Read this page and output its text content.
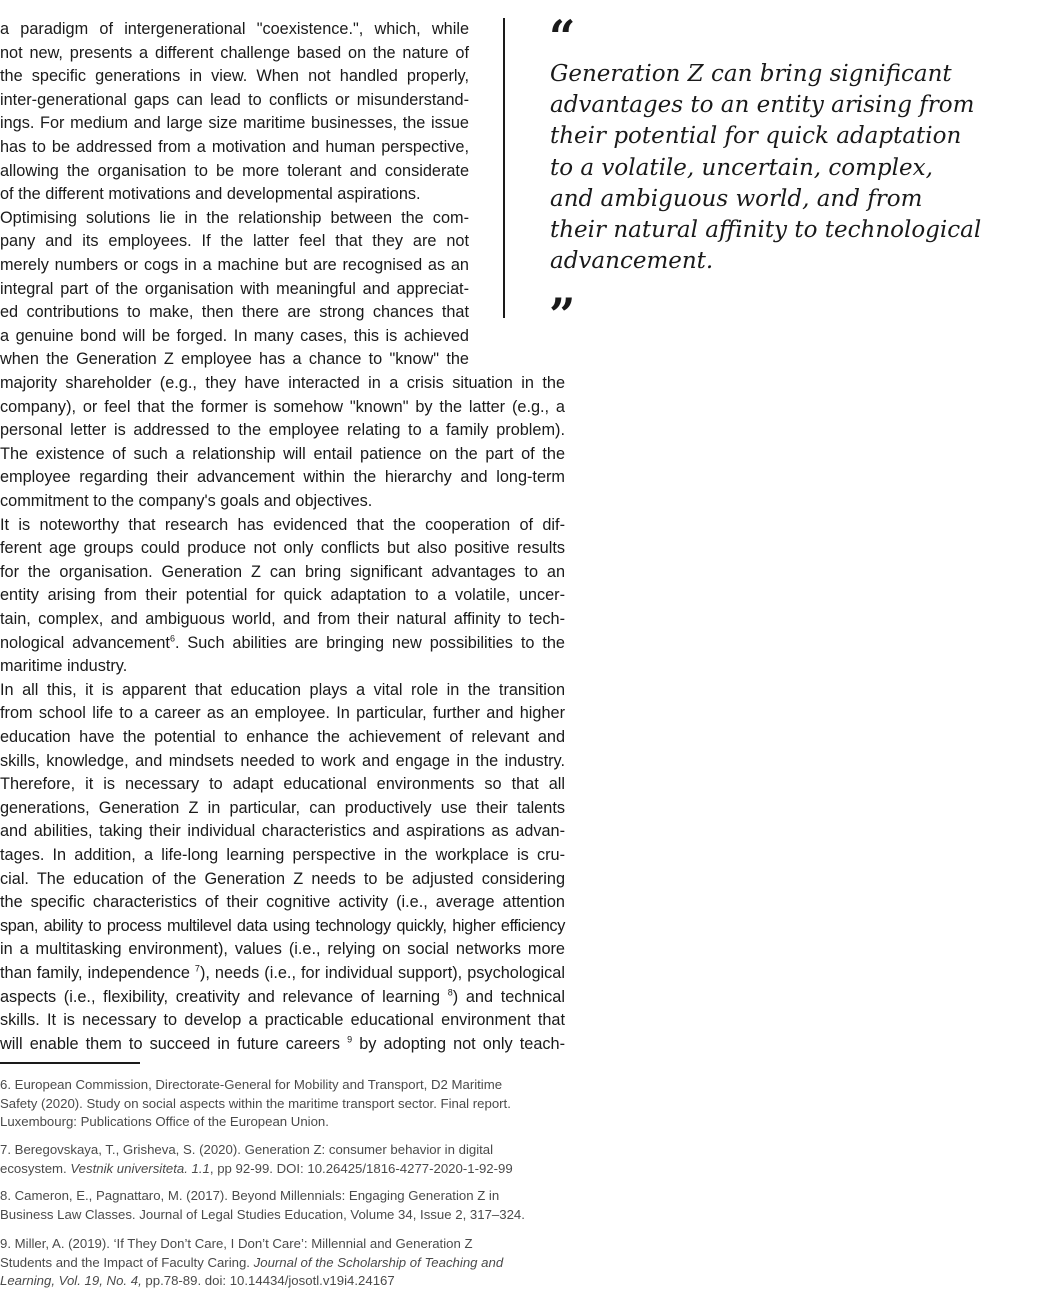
a paradigm of intergenerational "coexistence.", which, while
not new, presents a different challenge based on the nature of
the specific generations in view. When not handled properly,
inter-generational gaps can lead to conflicts or misunderstand-
ings. For medium and large size maritime businesses, the issue
has to be addressed from a motivation and human perspective,
allowing the organisation to be more tolerant and considerate
of the different motivations and developmental aspirations.
Optimising solutions lie in the relationship between the com-
pany and its employees. If the latter feel that they are not
merely numbers or cogs in a machine but are recognised as an
integral part of the organisation with meaningful and appreciat-
ed contributions to make, then there are strong chances that
a genuine bond will be forged. In many cases, this is achieved
when the Generation Z employee has a chance to "know" the
majority shareholder (e.g., they have interacted in a crisis situation in the
company), or feel that the former is somehow "known" by the latter (e.g., a
personal letter is addressed to the employee relating to a family problem).
The existence of such a relationship will entail patience on the part of the
employee regarding their advancement within the hierarchy and long-term
commitment to the company's goals and objectives.
It is noteworthy that research has evidenced that the cooperation of dif-
ferent age groups could produce not only conflicts but also positive results
for the organisation. Generation Z can bring significant advantages to an
entity arising from their potential for quick adaptation to a volatile, uncer-
tain, complex, and ambiguous world, and from their natural affinity to tech-
nological advancement$^6$. Such abilities are bringing new possibilities to the
maritime industry.
In all this, it is apparent that education plays a vital role in the transition
from school life to a career as an employee. In particular, further and higher
education have the potential to enhance the achievement of relevant and
skills, knowledge, and mindsets needed to work and engage in the industry.
Therefore, it is necessary to adapt educational environments so that all
generations, Generation Z in particular, can productively use their talents
and abilities, taking their individual characteristics and aspirations as advan-
tages. In addition, a life-long learning perspective in the workplace is cru-
cial. The education of the Generation Z needs to be adjusted considering
the specific characteristics of their cognitive activity (i.e., average attention
span, ability to process multilevel data using technology quickly, higher efficiency
in a multitasking environment), values (i.e., relying on social networks more
than family, independence $^7$), needs (i.e., for individual support), psychological
aspects (i.e., flexibility, creativity and relevance of learning $^8$) and technical
skills. It is necessary to develop a practicable educational environment that
will enable them to succeed in future careers $^9$ by adopting not only teach-
“
Generation Z can bring significant
advantages to an entity arising from
their potential for quick adaptation
to a volatile, uncertain, complex,
and ambiguous world, and from
their natural affinity to technological
advancement.
”
6. European Commission, Directorate-General for Mobility and Transport, D2 Maritime
Safety (2020). Study on social aspects within the maritime transport sector. Final report.
Luxembourg: Publications Office of the European Union.
7. Beregovskaya, T., Grisheva, S. (2020). Generation Z: consumer behavior in digital
ecosystem. Vestnik universiteta. 1.1, pp 92-99. DOI: 10.26425/1816-4277-2020-1-92-99
8. Cameron, E., Pagnattaro, M. (2017). Beyond Millennials: Engaging Generation Z in
Business Law Classes. Journal of Legal Studies Education, Volume 34, Issue 2, 317–324.
9. Miller, A. (2019). ‘If They Don’t Care, I Don’t Care’: Millennial and Generation Z
Students and the Impact of Faculty Caring. Journal of the Scholarship of Teaching and
Learning, Vol. 19, No. 4, pp.78-89. doi: 10.14434/josotl.v19i4.24167
